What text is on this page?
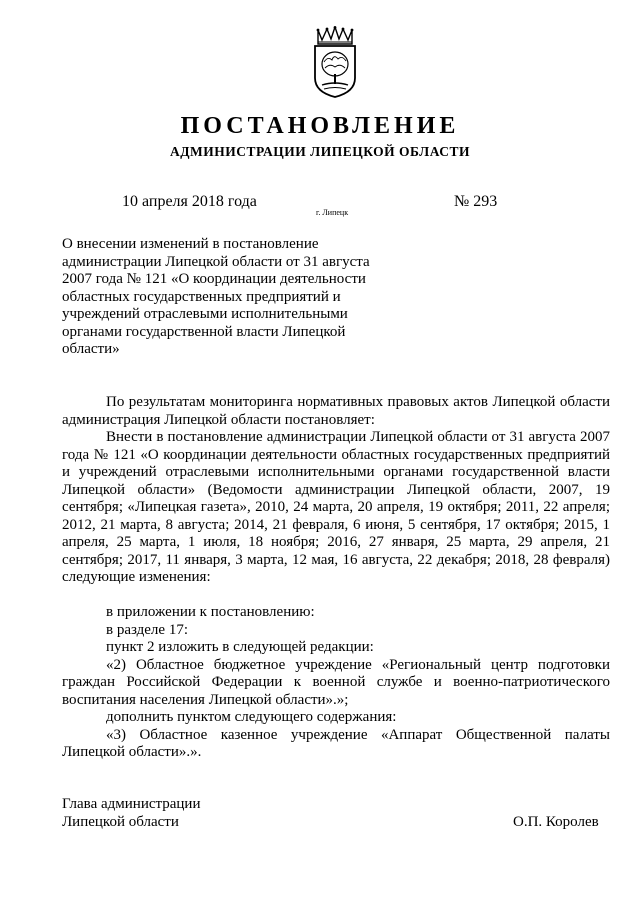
ПОСТАНОВЛЕНИЕ
АДМИНИСТРАЦИИ ЛИПЕЦКОЙ ОБЛАСТИ
10 апреля 2018 года
г. Липецк
№ 293
О внесении изменений в постановление администрации Липецкой области от 31 августа 2007 года № 121 «О координации деятельности областных государственных предприятий и учреждений отраслевыми исполнительными органами государственной власти Липецкой области»

По результатам мониторинга нормативных правовых актов Липецкой области администрация Липецкой области постановляет:

Внести в постановление администрации Липецкой области от 31 августа 2007 года № 121 «О координации деятельности областных государственных предприятий и учреждений отраслевыми исполнительными органами государственной власти Липецкой области» (Ведомости администрации Липецкой области, 2007, 19 сентября; «Липецкая газета», 2010, 24 марта, 20 апреля, 19 октября; 2011, 22 апреля; 2012, 21 марта, 8 августа; 2014, 21 февраля, 6 июня, 5 сентября, 17 октября; 2015, 1 апреля, 25 марта, 1 июля, 18 ноября; 2016, 27 января, 25 марта, 29 апреля, 21 сентября; 2017, 11 января, 3 марта, 12 мая, 16 августа, 22 декабря; 2018, 28 февраля) следующие изменения:

в приложении к постановлению:

в разделе 17:

пункт 2 изложить в следующей редакции:

«2) Областное бюджетное учреждение «Региональный центр подготовки граждан Российской Федерации к военной службе и военно-патриотического воспитания населения Липецкой области».»;

дополнить пунктом следующего содержания:

«3) Областное казенное учреждение «Аппарат Общественной палаты Липецкой области».».

Глава администрации
Липецкой области	О.П. Королев
